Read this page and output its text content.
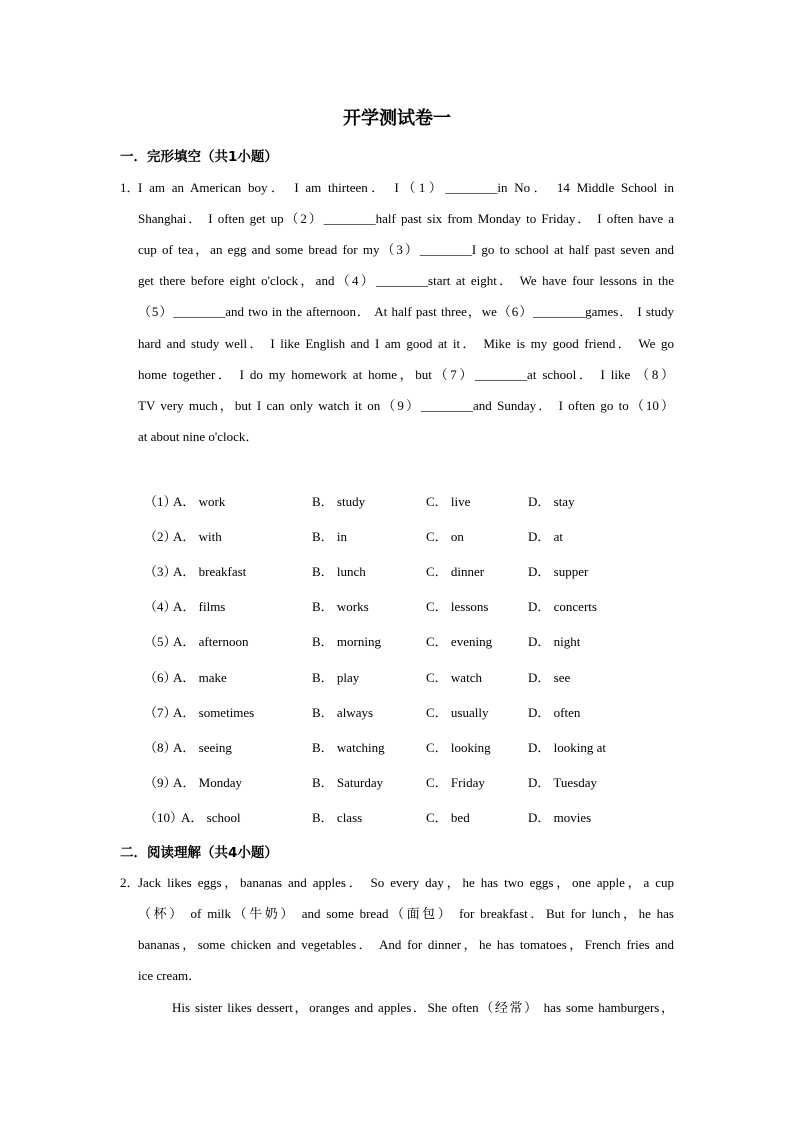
开学测试卷一
一．完形填空（共1小题）
1．
I am an American boy． I am thirteen． I（1）________in No． 14 Middle School in
Shanghai． I often get up（2）________half past six from Monday to Friday． I often have a
cup of tea，an egg and some bread for my（3）________I go to school at half past seven and
get there before eight o'clock，and（4）________start at eight． We have four lessons in the
（5）________and two in the afternoon． At half past three，we（6）________games． I study
hard and study well． I like English and I am good at it． Mike is my good friend． We go
home together． I do my homework at home，but（7）________at school． I like （8）
TV very much，but I can only watch it on（9）________and Sunday． I often go to（10）
at about nine o'clock．
（1）
A． work	B． study	C． live	D． stay
（2）
A． with	B． in	C． on	D． at
（3）
A． breakfast	B． lunch	C． dinner	D． supper
（4）
A． films	B． works	C． lessons	D． concerts
（5）
A． afternoon	B． morning	C． evening	D． night
（6）
A． make	B． play	C． watch	D． see
（7）
A． sometimes	B． always	C． usually	D． often
（8）
A． seeing	B． watching	C． looking	D． looking at
（9）
A． Monday	B． Saturday	C． Friday	D． Tuesday
（10）
A． school	B． class	C． bed	D． movies
二．阅读理解（共4小题）
2．
Jack likes eggs，bananas and apples． So every day，he has two eggs，one apple，a cup
（杯） of milk（牛奶） and some bread（面包） for breakfast．But for lunch，he has
bananas，some chicken and vegetables． And for dinner，he has tomatoes，French fries and
ice cream．
His sister likes dessert，oranges and apples．She often（经常） has some hamburgers，
